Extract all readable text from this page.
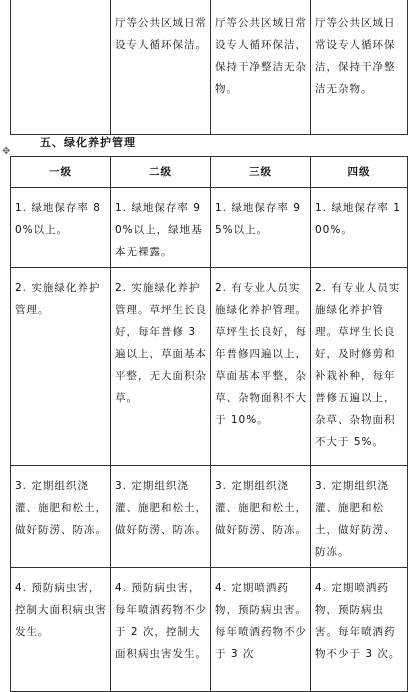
	厅等公共区域日常设专人循环保洁。	厅等公共区域日常设专人循环保洁，保持干净整洁无杂物。	厅等公共区域日常设专人循环保洁，保持干净整洁无杂物。
✥
五、绿化养护管理
一级	二级	三级	四级
1. 绿地保存率 80%以上。	1. 绿地保存率 90%以上，绿地基本无裸露。	1. 绿地保存率 95%以上。	1. 绿地保存率 100%。
2. 实施绿化养护管理。	2. 实施绿化养护管理。草坪生长良好，每年普修 3 遍以上，草面基本平整，无大面积杂草。	2. 有专业人员实施绿化养护管理。草坪生长良好，每年普修四遍以上，草面基本平整，杂草、杂物面积不大于 10%。	2. 有专业人员实施绿化养护管理。草坪生长良好，及时修剪和补栽补种，每年普修五遍以上，杂草、杂物面积不大于 5%。
3. 定期组织浇灌、施肥和松土，做好防涝、防冻。	3. 定期组织浇灌、施肥和松土，做好防涝、防冻。	3. 定期组织浇灌、施肥和松土，做好防涝、防冻。	3. 定期组织浇灌、施肥和松土，做好防涝、防冻。
4. 预防病虫害，控制大面积病虫害发生。	4. 预防病虫害，每年喷洒药物不少于 2 次，控制大面积病虫害发生。	4. 定期喷洒药物，预防病虫害。每年喷洒药物不少于 3 次	4. 定期喷洒药物，预防病虫害。每年喷洒药物不少于 3 次。
